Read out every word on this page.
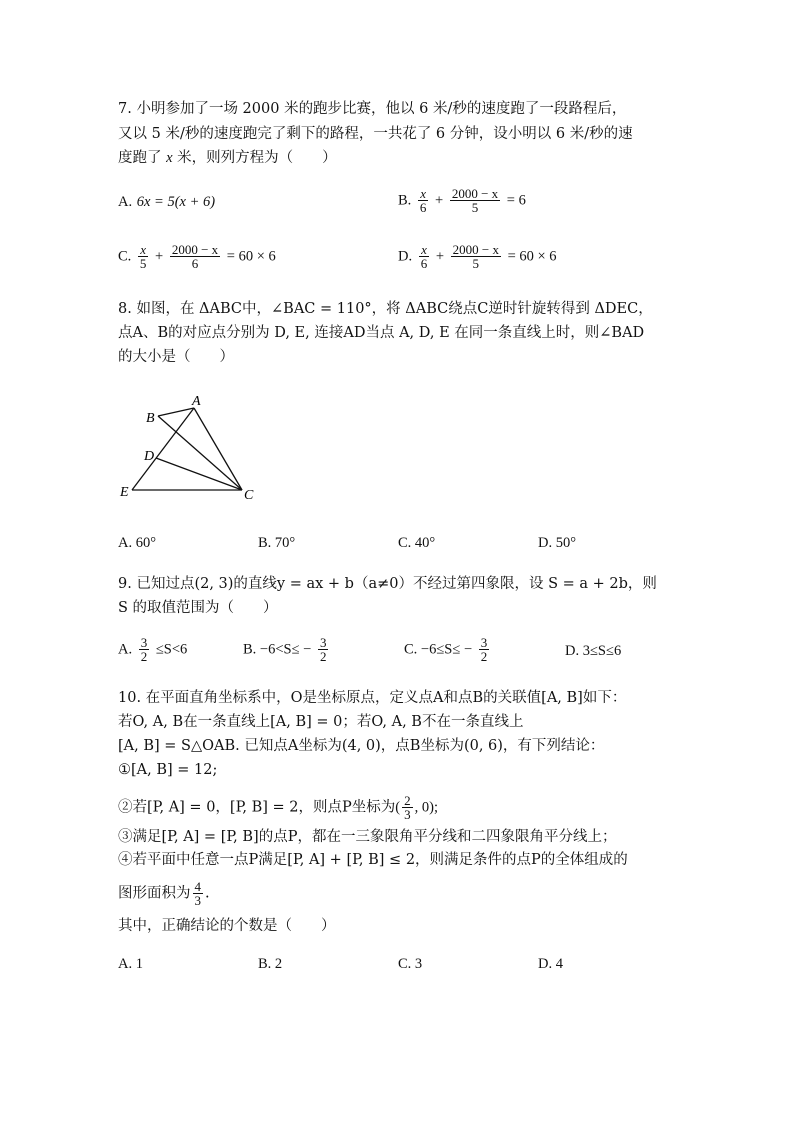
7. 小明参加了一场 2000 米的跑步比赛，他以 6 米/秒的速度跑了一段路程后，
又以 5 米/秒的速度跑完了剩下的路程，一共花了 6 分钟，设小明以 6 米/秒的速
度跑了 x 米，则列方程为（　　）
A. 6x = 5(x + 6)	B. $\frac{x}{6} + \frac{2000 - x}{5} = 6$
C. $\frac{x}{5} + \frac{2000 - x}{6} = 60 \times 6$	D. $\frac{x}{6} + \frac{2000 - x}{5} = 60 \times 6$
8. 如图，在 ΔABC中，∠BAC = 110°，将 ΔABC绕点C逆时针旋转得到 ΔDEC，
点A、B的对应点分别为 D, E, 连接AD当点 A, D, E 在同一条直线上时，则∠BAD
的大小是（　　）
A
B
C
D
E
A. 60°	B. 70°	C. 40°	D. 50°
9. 已知过点(2, 3)的直线y = ax + b（a≠0）不经过第四象限，设 S = a + 2b，则
S 的取值范围为（　　）
A. $\frac{3}{2} \le S<6$	B. $-6<S\le - \frac{3}{2}$	C. $-6\le S\le - \frac{3}{2}$	D. 3≤S≤6
10. 在平面直角坐标系中，O是坐标原点，定义点A和点B的关联值[A, B]如下：
若O, A, B在一条直线上[A, B] = 0；若O, A, B不在一条直线上
[A, B] = S△OAB. 已知点A坐标为(4, 0)，点B坐标为(0, 6)，有下列结论：
①[A, B] = 12;
②若[P, A] = 0，[P, B] = 2，则点P坐标为( $\frac{2}{3}$ , 0);
③满足[P, A] = [P, B]的点P，都在一三象限角平分线和二四象限角平分线上；
④若平面中任意一点P满足[P, A] + [P, B] ≤ 2，则满足条件的点P的全体组成的
图形面积为 $\frac{4}{3}$ .
其中，正确结论的个数是（　　）
A. 1	B. 2	C. 3	D. 4
